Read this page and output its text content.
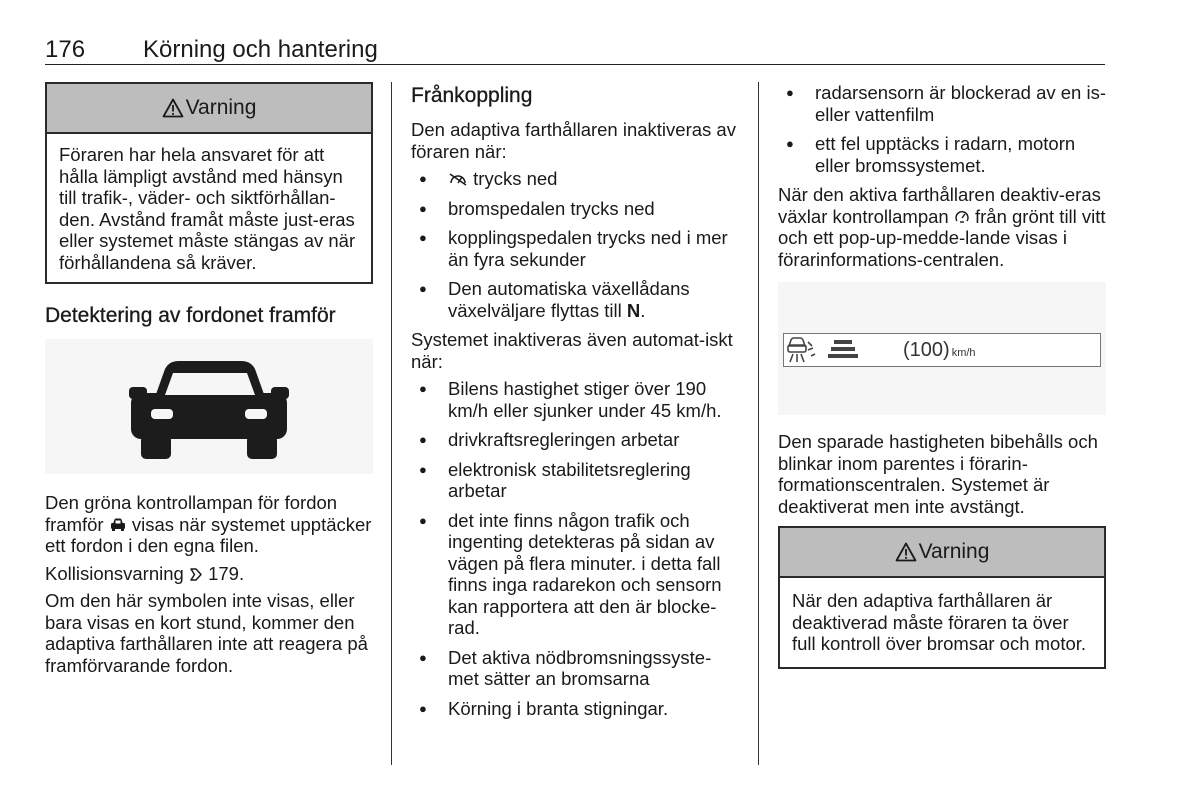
176 Körning och hantering
Varning
Föraren har hela ansvaret för att hålla lämpligt avstånd med hänsyn till trafik-, väder- och siktförhållan-den. Avstånd framåt måste just-eras eller systemet måste stängas av när förhållandena så kräver.
Detektering av fordonet framför

Den gröna kontrollampan för fordon framför visas när systemet upptäcker ett fordon i den egna filen.

Kollisionsvarning 179.

Om den här symbolen inte visas, eller bara visas en kort stund, kommer den adaptiva farthållaren inte att reagera på framförvarande fordon.

Frånkoppling

Den adaptiva farthållaren inaktiveras av föraren när:

● trycks ned
● bromspedalen trycks ned
● kopplingspedalen trycks ned i mer än fyra sekunder
● Den automatiska växellådans växelväljare flyttas till N.

Systemet inaktiveras även automat-iskt när:

● Bilens hastighet stiger över 190 km/h eller sjunker under 45 km/h.
● drivkraftsregleringen arbetar
● elektronisk stabilitetsreglering arbetar
● det inte finns någon trafik och ingenting detekteras på sidan av vägen på flera minuter. i detta fall finns inga radarekon och sensorn kan rapportera att den är blocke-rad.
● Det aktiva nödbromsningssyste-met sätter an bromsarna
● Körning i branta stigningar.
● radarsensorn är blockerad av en is- eller vattenfilm
● ett fel upptäcks i radarn, motorn eller bromssystemet.

När den aktiva farthållaren deaktiv-eras växlar kontrollampan från grönt till vitt och ett pop-up-medde-lande visas i förarinformations-centralen.

(100) km/h

Den sparade hastigheten bibehålls och blinkar inom parentes i förarin-formationscentralen. Systemet är deaktiverat men inte avstängt.

Varning
När den adaptiva farthållaren är deaktiverad måste föraren ta över full kontroll över bromsar och motor.
